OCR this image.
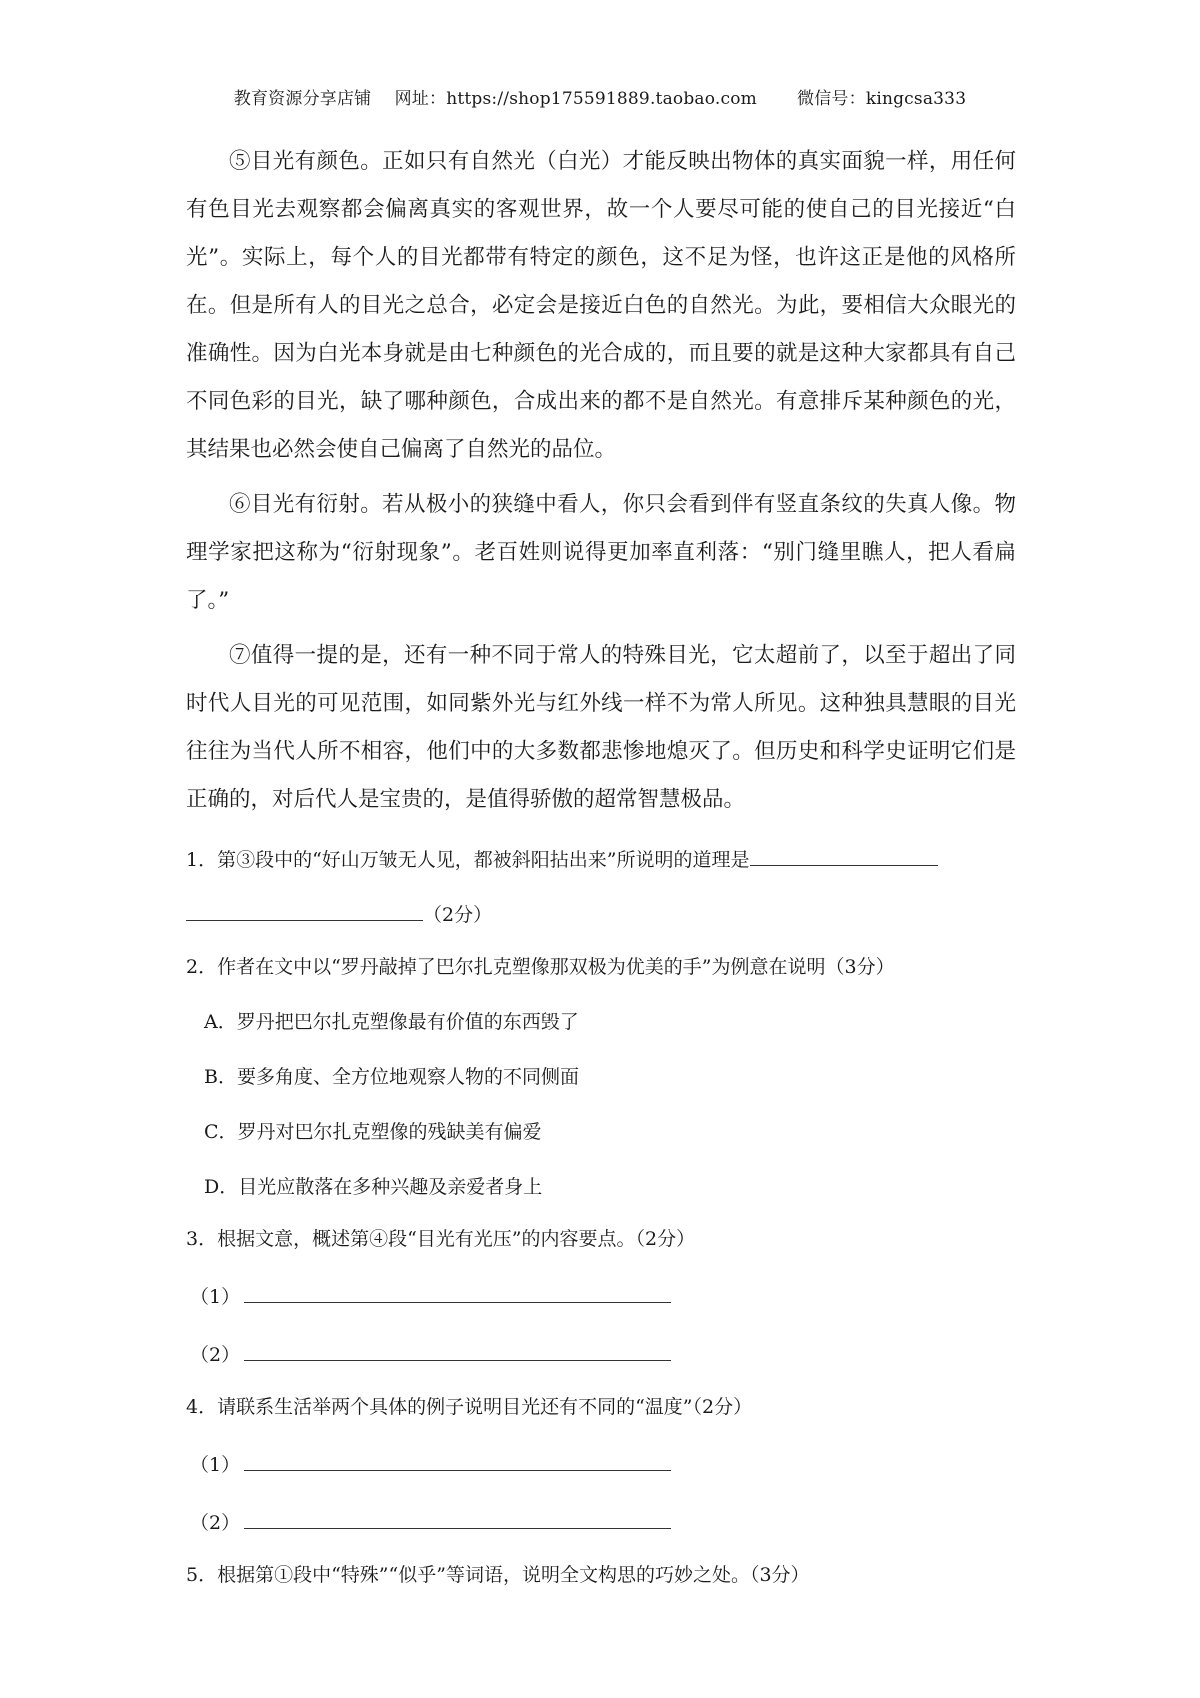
教育资源分享店铺 网址：https://shop175591889.taobao.com 微信号：kingcsa333

⑤目光有颜色。正如只有自然光（白光）才能反映出物体的真实面貌一样，用任何有色目光去观察都会偏离真实的客观世界，故一个人要尽可能的使自己的目光接近“白光”。实际上，每个人的目光都带有特定的颜色，这不足为怪，也许这正是他的风格所在。但是所有人的目光之总合，必定会是接近白色的自然光。为此，要相信大众眼光的准确性。因为白光本身就是由七种颜色的光合成的，而且要的就是这种大家都具有自己不同色彩的目光，缺了哪种颜色，合成出来的都不是自然光。有意排斥某种颜色的光，其结果也必然会使自己偏离了自然光的品位。

⑥目光有衍射。若从极小的狭缝中看人，你只会看到伴有竖直条纹的失真人像。物理学家把这称为“衍射现象”。老百姓则说得更加率直利落：“别门缝里瞧人，把人看扁了。”

⑦值得一提的是，还有一种不同于常人的特殊目光，它太超前了，以至于超出了同时代人目光的可见范围，如同紫外光与红外线一样不为常人所见。这种独具慧眼的目光往往为当代人所不相容，他们中的大多数都悲惨地熄灭了。但历史和科学史证明它们是正确的，对后代人是宝贵的，是值得骄傲的超常智慧极品。

1．第③段中的“好山万皱无人见，都被斜阳拈出来”所说明的道理是

（2分）

2．作者在文中以“罗丹敲掉了巴尔扎克塑像那双极为优美的手”为例意在说明（3分）

A．罗丹把巴尔扎克塑像最有价值的东西毁了

B．要多角度、全方位地观察人物的不同侧面

C．罗丹对巴尔扎克塑像的残缺美有偏爱

D．目光应散落在多种兴趣及亲爱者身上

3．根据文意，概述第④段“目光有光压”的内容要点。（2分）

（1）

（2）

4．请联系生活举两个具体的例子说明目光还有不同的“温度”（2分）

（1）

（2）

5．根据第①段中“特殊”“似乎”等词语，说明全文构思的巧妙之处。（3分）
